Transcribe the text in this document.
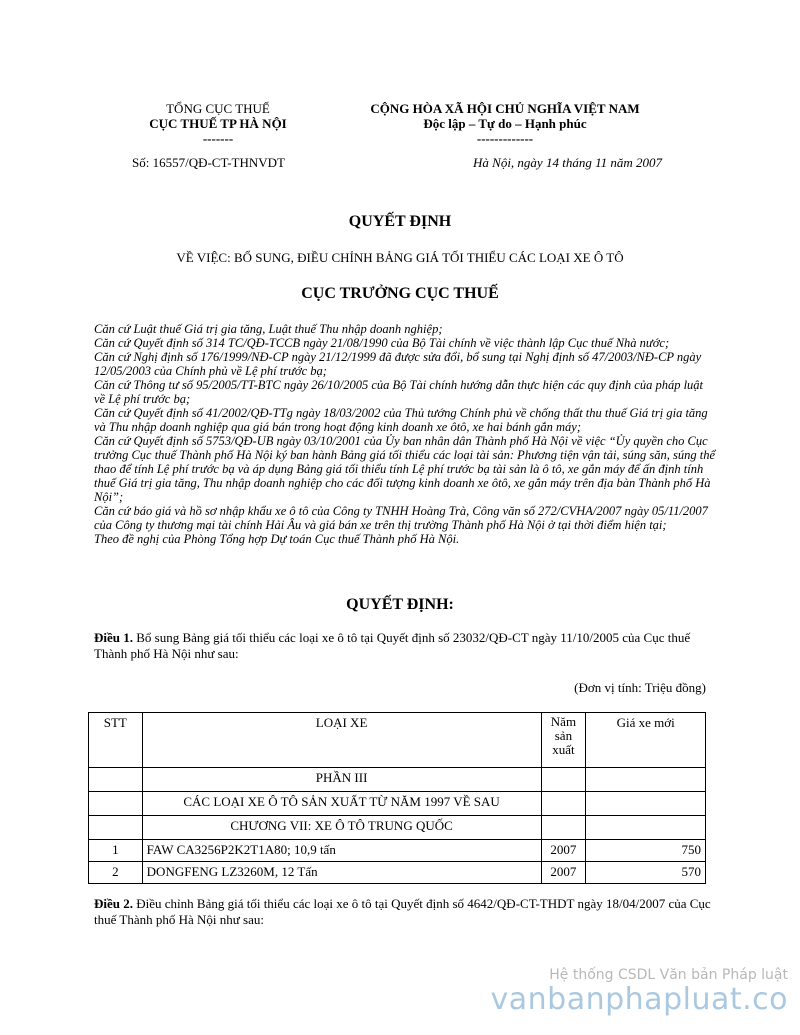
TỔNG CỤC THUẾ
CỤC THUẾ TP HÀ NỘI
-------
CỘNG HÒA XÃ HỘI CHỦ NGHĨA VIỆT NAM
Độc lập – Tự do – Hạnh phúc
-------------
Số: 16557/QĐ-CT-THNVDT	Hà Nội, ngày 14 tháng 11 năm 2007
QUYẾT ĐỊNH
VỀ VIỆC: BỔ SUNG, ĐIỀU CHỈNH BẢNG GIÁ TỐI THIỂU CÁC LOẠI XE Ô TÔ
CỤC TRƯỞNG CỤC THUẾ

Căn cứ Luật thuế Giá trị gia tăng, Luật thuế Thu nhập doanh nghiệp;

Căn cứ Quyết định số 314 TC/QĐ-TCCB ngày 21/08/1990 của Bộ Tài chính về việc thành lập Cục thuế Nhà nước;

Căn cứ Nghị định số 176/1999/NĐ-CP ngày 21/12/1999 đã được sửa đổi, bổ sung tại Nghị định số 47/2003/NĐ-CP ngày 12/05/2003 của Chính phủ về Lệ phí trước bạ;

Căn cứ Thông tư số 95/2005/TT-BTC ngày 26/10/2005 của Bộ Tài chính hướng dẫn thực hiện các quy định của pháp luật về Lệ phí trước bạ;

Căn cứ Quyết định số 41/2002/QĐ-TTg ngày 18/03/2002 của Thủ tướng Chính phủ về chống thất thu thuế Giá trị gia tăng và Thu nhập doanh nghiệp qua giá bán trong hoạt động kinh doanh xe ôtô, xe hai bánh gắn máy;

Căn cứ Quyết định số 5753/QĐ-UB ngày 03/10/2001 của Ủy ban nhân dân Thành phố Hà Nội về việc “Ủy quyền cho Cục trưởng Cục thuế Thành phố Hà Nội ký ban hành Bảng giá tối thiểu các loại tài sản: Phương tiện vận tải, súng săn, súng thể thao để tính Lệ phí trước bạ và áp dụng Bảng giá tối thiểu tính Lệ phí trước bạ tài sản là ô tô, xe gắn máy để ấn định tính thuế Giá trị gia tăng, Thu nhập doanh nghiệp cho các đối tượng kinh doanh xe ôtô, xe gắn máy trên địa bàn Thành phố Hà Nội”;

Căn cứ báo giá và hồ sơ nhập khẩu xe ô tô của Công ty TNHH Hoàng Trà, Công văn số 272/CVHA/2007 ngày 05/11/2007 của Công ty thương mại tài chính Hải Âu và giá bán xe trên thị trường Thành phố Hà Nội ở tại thời điểm hiện tại;

Theo đề nghị của Phòng Tổng hợp Dự toán Cục thuế Thành phố Hà Nội.

QUYẾT ĐỊNH:
Điều 1. Bổ sung Bảng giá tối thiểu các loại xe ô tô tại Quyết định số 23032/QĐ-CT ngày 11/10/2005 của Cục thuế Thành phố Hà Nội như sau:
(Đơn vị tính: Triệu đồng)
STT	LOẠI XE	Năm
sản
xuất	Giá xe mới
	PHẦN III		
	CÁC LOẠI XE Ô TÔ SẢN XUẤT TỪ NĂM 1997 VỀ SAU		
	CHƯƠNG VII: XE Ô TÔ TRUNG QUỐC		
1	FAW CA3256P2K2T1A80; 10,9 tấn	2007	750
2	DONGFENG LZ3260M, 12 Tấn	2007	570
Điều 2. Điều chỉnh Bảng giá tối thiểu các loại xe ô tô tại Quyết định số 4642/QĐ-CT-THDT ngày 18/04/2007 của Cục thuế Thành phố Hà Nội như sau:
Hệ thống CSDL Văn bản Pháp luật
vanbanphapluat.co
